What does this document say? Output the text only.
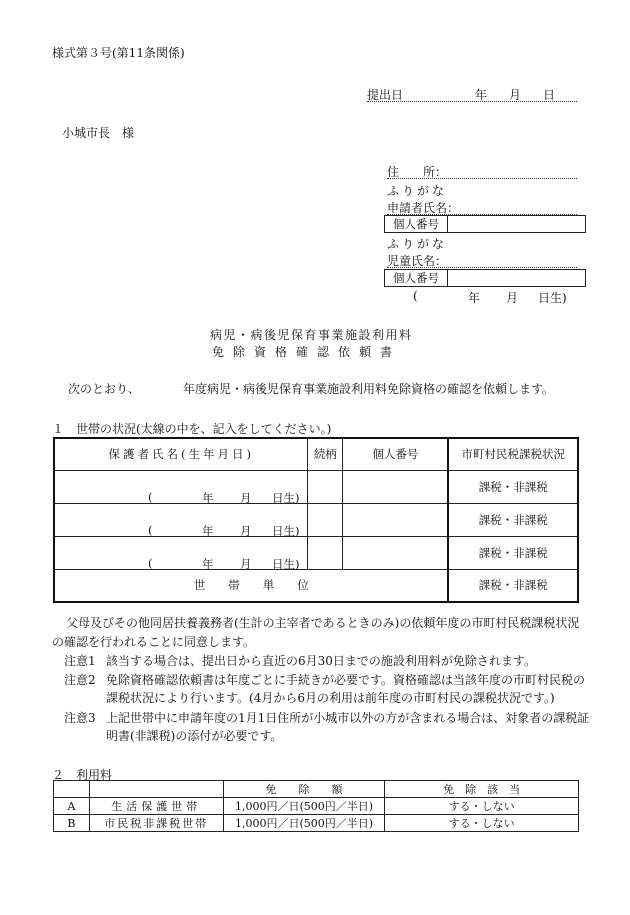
様式第３号(第11条関係)
提出日	年 月 日
小城市長　様
住　　所：
ふりがな
申請者氏名：
個人番号
ふりがな
児童氏名：
個人番号
(	年 月 日生)
病児・病後児保育事業施設利用料
免除資格確認依頼書
次のとおり、	年度病児・病後児保育事業施設利用料免除資格の確認を依頼します。
１　世帯の状況(太線の中を、記入をしてください。)
保護者氏名(生年月日)	続柄	個人番号	市町村民税課税状況

( 年 月 日生)			課税・非課税

( 年 月 日生)			課税・非課税

( 年 月 日生)			課税・非課税
世　　帯　　単　　位			課税・非課税
父母及びその他同居扶養義務者(生計の主宰者であるときのみ)の依頼年度の市町村民税課税状況
の確認を行われることに同意します。
注意1 該当する場合は、提出日から直近の6月30日までの施設利用料が免除されます。
注意2 免除資格確認依頼書は年度ごとに手続きが必要です。資格確認は当該年度の市町村民税の
課税状況により行います。(4月から6月の利用は前年度の市町村民の課税状況です。)
注意3 上記世帯中に申請年度の1月1日住所が小城市以外の方が含まれる場合は、対象者の課税証
明書(非課税)の添付が必要です。
２　利用料
		免　　除　　額	免　除　該　当
A	生活保護世帯	1,000円／日(500円／半日)	する・しない
B	市民税非課税世帯	1,000円／日(500円／半日)	する・しない
